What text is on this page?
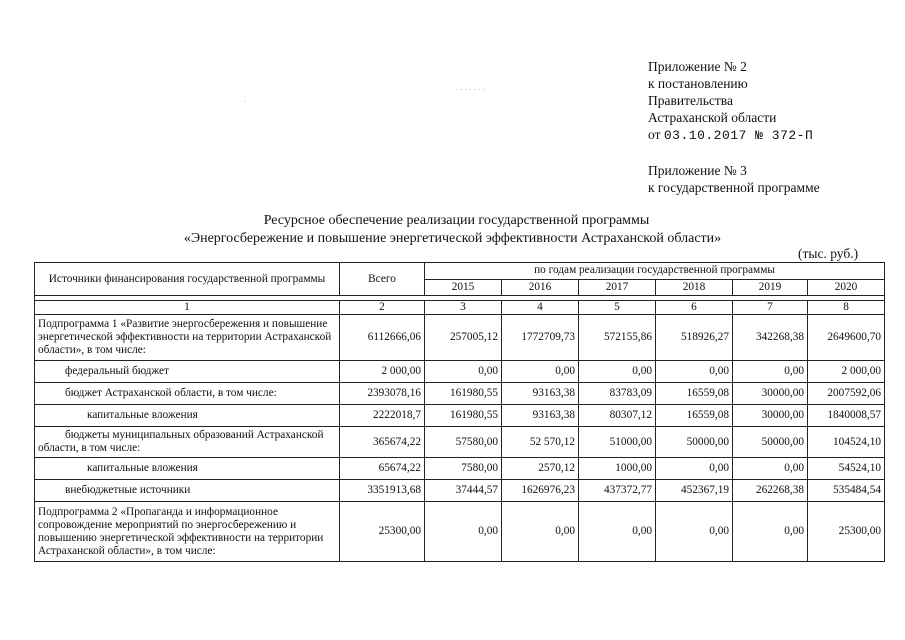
. . . . . . .
.
Приложение № 2
к постановлению
Правительства
Астраханской области
от 03.10.2017 № 372-П
Приложение № 3
к государственной программе
Ресурсное обеспечение реализации государственной программы
«Энергосбережение и повышение энергетической эффективности Астраханской области»
(тыс. руб.)
Источники финансирования государственной программы	Всего	по годам реализации государственной программы					
		2015	2016	2017	2018	2019	2020

1	2	3	4	5	6	7	8
Подпрограмма 1 «Развитие энергосбережения и повышение энергетической эффективности на территории Астраханской области», в том числе:	6112666,06	257005,12	1772709,73	572155,86	518926,27	342268,38	2649600,70
федеральный бюджет	2 000,00	0,00	0,00	0,00	0,00	0,00	2 000,00
бюджет Астраханской области, в том числе:	2393078,16	161980,55	93163,38	83783,09	16559,08	30000,00	2007592,06
капитальные вложения	2222018,7	161980,55	93163,38	80307,12	16559,08	30000,00	1840008,57
бюджеты муниципальных образований Астраханской области, в том числе:	365674,22	57580,00	52 570,12	51000,00	50000,00	50000,00	104524,10
капитальные вложения	65674,22	7580,00	2570,12	1000,00	0,00	0,00	54524,10
внебюджетные источники	3351913,68	37444,57	1626976,23	437372,77	452367,19	262268,38	535484,54
Подпрограмма 2 «Пропаганда и информационное сопровождение мероприятий по энергосбережению и повышению энергетической эффективности на территории Астраханской области», в том числе:	25300,00	0,00	0,00	0,00	0,00	0,00	25300,00
